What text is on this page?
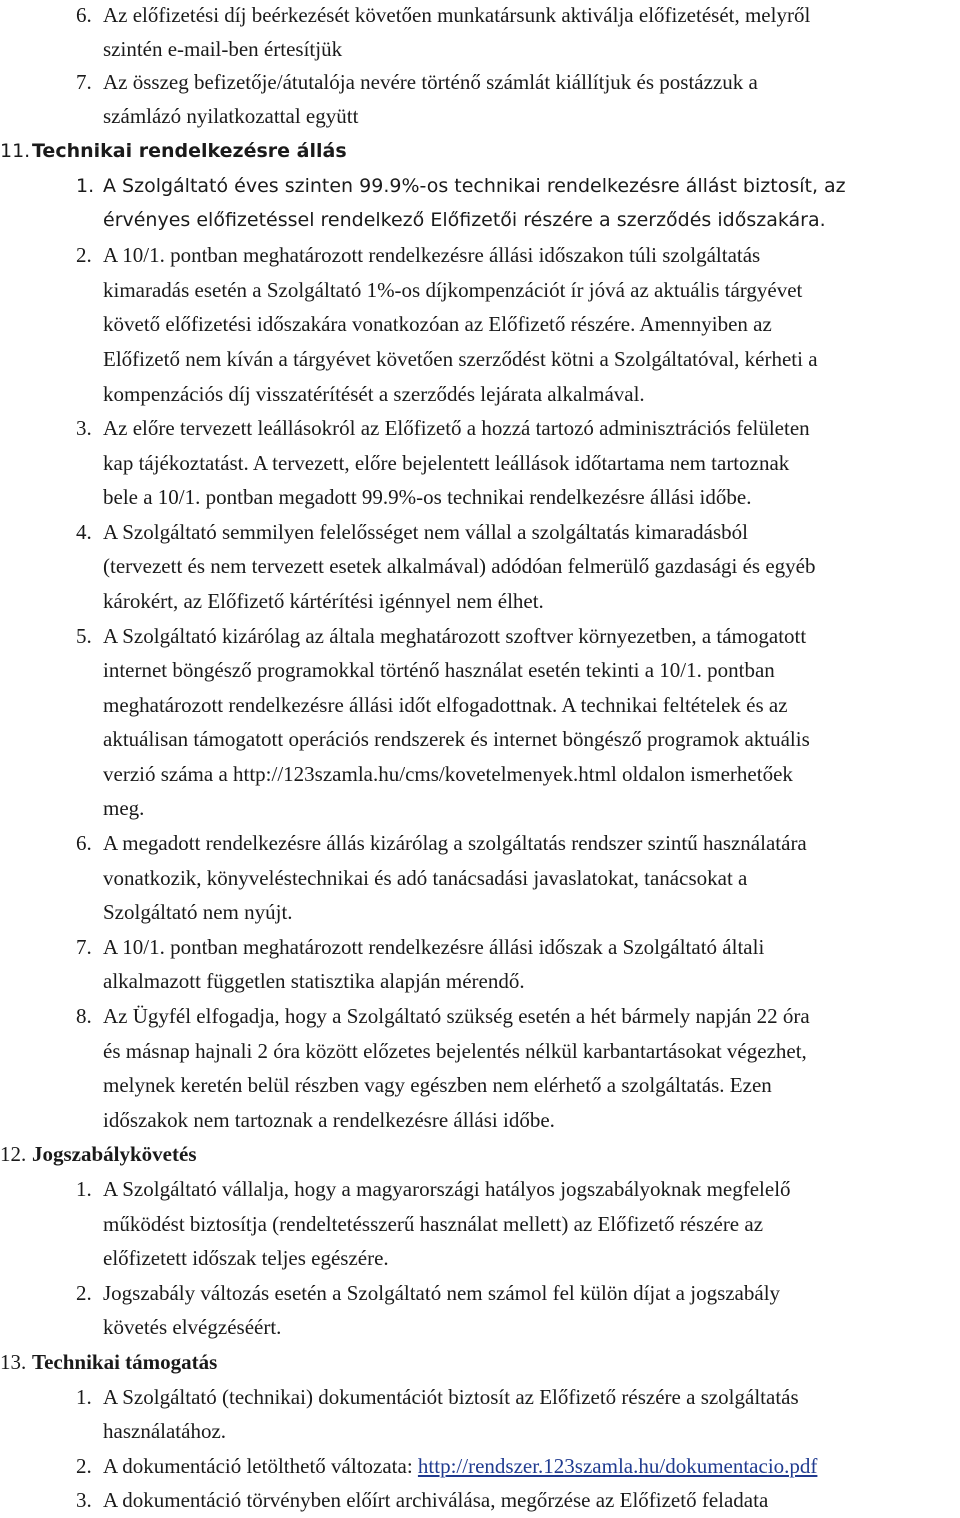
6. Az előfizetési díj beérkezését követően munkatársunk aktiválja előfizetését, melyről
szintén e-mail-ben értesítjük
7. Az összeg befizetője/átutalója nevére történő számlát kiállítjuk és postázzuk a
számlázó nyilatkozattal együtt
11. Technikai rendelkezésre állás
1. A Szolgáltató éves szinten 99.9%-os technikai rendelkezésre állást biztosít, az
érvényes előfizetéssel rendelkező Előfizetői részére a szerződés időszakára.
2. A 10/1. pontban meghatározott rendelkezésre állási időszakon túli szolgáltatás
kimaradás esetén a Szolgáltató 1%-os díjkompenzációt ír jóvá az aktuális tárgyévet
követő előfizetési időszakára vonatkozóan az Előfizető részére. Amennyiben az
Előfizető nem kíván a tárgyévet követően szerződést kötni a Szolgáltatóval, kérheti a
kompenzációs díj visszatérítését a szerződés lejárata alkalmával.
3. Az előre tervezett leállásokról az Előfizető a hozzá tartozó adminisztrációs felületen
kap tájékoztatást. A tervezett, előre bejelentett leállások időtartama nem tartoznak
bele a 10/1. pontban megadott 99.9%-os technikai rendelkezésre állási időbe.
4. A Szolgáltató semmilyen felelősséget nem vállal a szolgáltatás kimaradásból
(tervezett és nem tervezett esetek alkalmával) adódóan felmerülő gazdasági és egyéb
károkért, az Előfizető kártérítési igénnyel nem élhet.
5. A Szolgáltató kizárólag az általa meghatározott szoftver környezetben, a támogatott
internet böngésző programokkal történő használat esetén tekinti a 10/1. pontban
meghatározott rendelkezésre állási időt elfogadottnak. A technikai feltételek és az
aktuálisan támogatott operációs rendszerek és internet böngésző programok aktuális
verzió száma a http://123szamla.hu/cms/kovetelmenyek.html oldalon ismerhetőek
meg.
6. A megadott rendelkezésre állás kizárólag a szolgáltatás rendszer szintű használatára
vonatkozik, könyveléstechnikai és adó tanácsadási javaslatokat, tanácsokat a
Szolgáltató nem nyújt.
7. A 10/1. pontban meghatározott rendelkezésre állási időszak a Szolgáltató általi
alkalmazott független statisztika alapján mérendő.
8. Az Ügyfél elfogadja, hogy a Szolgáltató szükség esetén a hét bármely napján 22 óra
és másnap hajnali 2 óra között előzetes bejelentés nélkül karbantartásokat végezhet,
melynek keretén belül részben vagy egészben nem elérhető a szolgáltatás. Ezen
időszakok nem tartoznak a rendelkezésre állási időbe.
12. Jogszabálykövetés
1. A Szolgáltató vállalja, hogy a magyarországi hatályos jogszabályoknak megfelelő
működést biztosítja (rendeltetésszerű használat mellett) az Előfizető részére az
előfizetett időszak teljes egészére.
2. Jogszabály változás esetén a Szolgáltató nem számol fel külön díjat a jogszabály
követés elvégzéséért.
13. Technikai támogatás
1. A Szolgáltató (technikai) dokumentációt biztosít az Előfizető részére a szolgáltatás
használatához.
2. A dokumentáció letölthető változata: http://rendszer.123szamla.hu/dokumentacio.pdf
3. A dokumentáció törvényben előírt archiválása, megőrzése az Előfizető feladata
